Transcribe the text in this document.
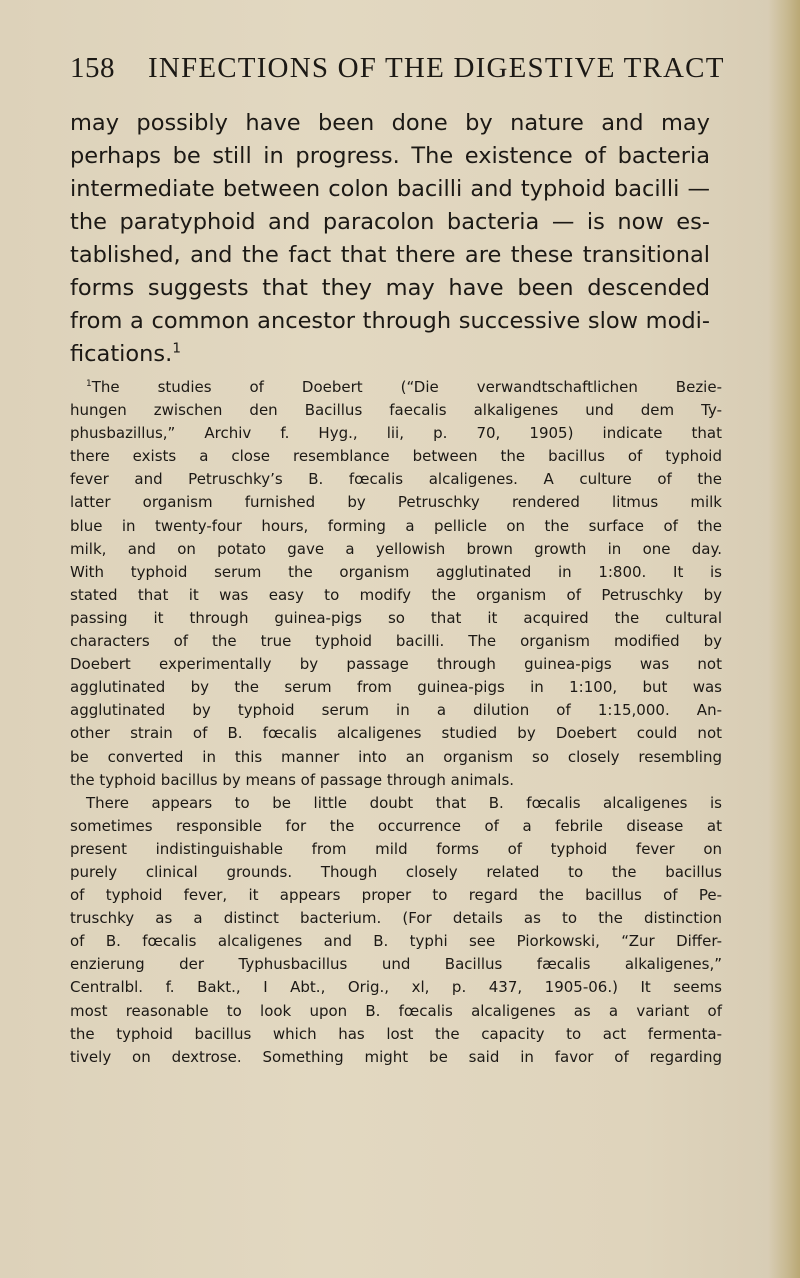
158 INFECTIONS OF THE DIGESTIVE TRACT
may possibly have been done by nature and may
perhaps be still in progress. The existence of bacteria
intermediate between colon bacilli and typhoid bacilli —
the paratyphoid and paracolon bacteria — is now es-
tablished, and the fact that there are these transitional
forms suggests that they may have been descended
from a common ancestor through successive slow modi-
fications.$^1$
$^1$The studies of Doebert (“Die verwandtschaftlichen Bezie-
hungen zwischen den Bacillus faecalis alkaligenes und dem Ty-
phusbazillus,” Archiv f. Hyg., lii, p. 70, 1905) indicate that
there exists a close resemblance between the bacillus of typhoid
fever and Petruschky’s B. fœcalis alcaligenes. A culture of the
latter organism furnished by Petruschky rendered litmus milk
blue in twenty-four hours, forming a pellicle on the surface of the
milk, and on potato gave a yellowish brown growth in one day.
With typhoid serum the organism agglutinated in 1:800. It is
stated that it was easy to modify the organism of Petruschky by
passing it through guinea-pigs so that it acquired the cultural
characters of the true typhoid bacilli. The organism modified by
Doebert experimentally by passage through guinea-pigs was not
agglutinated by the serum from guinea-pigs in 1:100, but was
agglutinated by typhoid serum in a dilution of 1:15,000. An-
other strain of B. fœcalis alcaligenes studied by Doebert could not
be converted in this manner into an organism so closely resembling
the typhoid bacillus by means of passage through animals.
There appears to be little doubt that B. fœcalis alcaligenes is
sometimes responsible for the occurrence of a febrile disease at
present indistinguishable from mild forms of typhoid fever on
purely clinical grounds. Though closely related to the bacillus
of typhoid fever, it appears proper to regard the bacillus of Pe-
truschky as a distinct bacterium. (For details as to the distinction
of B. fœcalis alcaligenes and B. typhi see Piorkowski, “Zur Differ-
enzierung der Typhusbacillus und Bacillus fæcalis alkaligenes,”
Centralbl. f. Bakt., I Abt., Orig., xl, p. 437, 1905-06.) It seems
most reasonable to look upon B. fœcalis alcaligenes as a variant of
the typhoid bacillus which has lost the capacity to act fermenta-
tively on dextrose. Something might be said in favor of regarding
